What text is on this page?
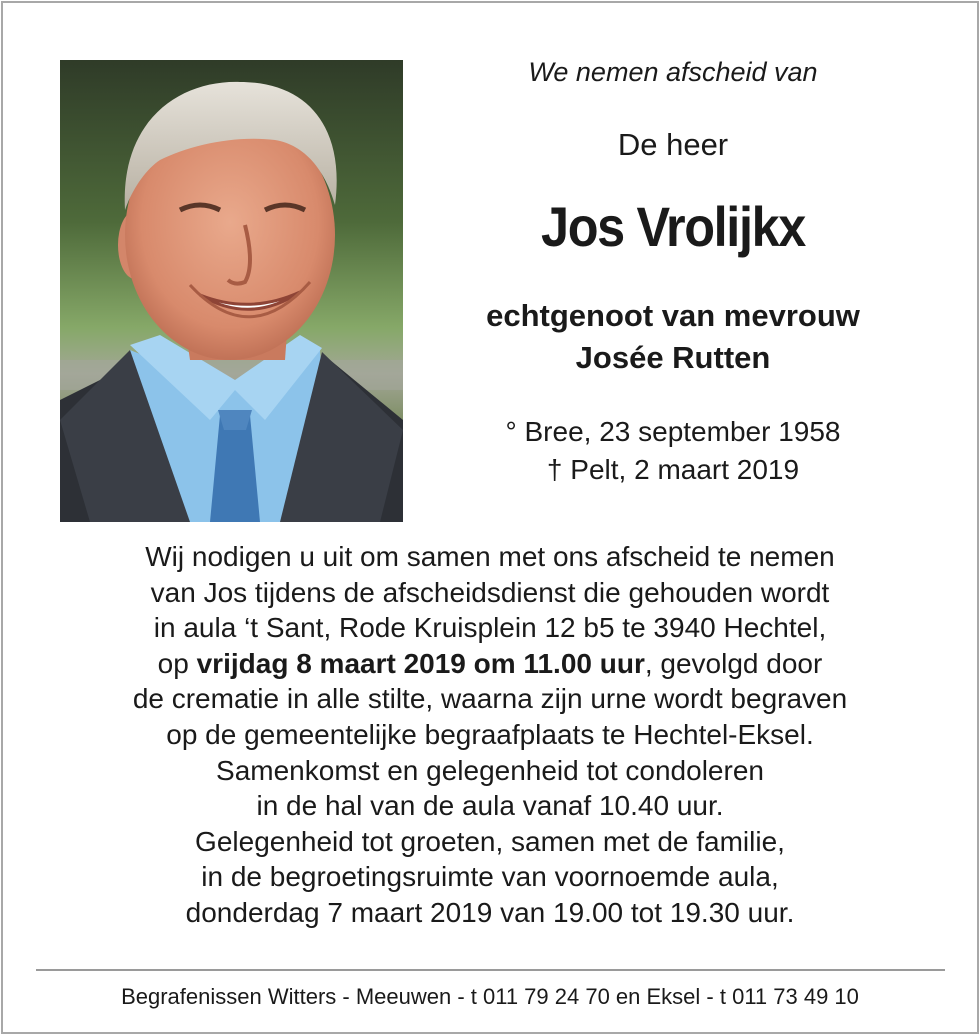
We nemen afscheid van

De heer

Jos Vrolijkx

echtgenoot van mevrouw
Josée Rutten

° Bree, 23 september 1958
† Pelt, 2 maart 2019

Wij nodigen u uit om samen met ons afscheid te nemen

van Jos tijdens de afscheidsdienst die gehouden wordt

in aula ‘t Sant, Rode Kruisplein 12 b5 te 3940 Hechtel,

op vrijdag 8 maart 2019 om 11.00 uur, gevolgd door

de crematie in alle stilte, waarna zijn urne wordt begraven

op de gemeentelijke begraafplaats te Hechtel-Eksel.

Samenkomst en gelegenheid tot condoleren

in de hal van de aula vanaf 10.40 uur.

Gelegenheid tot groeten, samen met de familie,

in de begroetingsruimte van voornoemde aula,

donderdag 7 maart 2019 van 19.00 tot 19.30 uur.

Begrafenissen Witters - Meeuwen - t 011 79 24 70 en Eksel - t 011 73 49 10
